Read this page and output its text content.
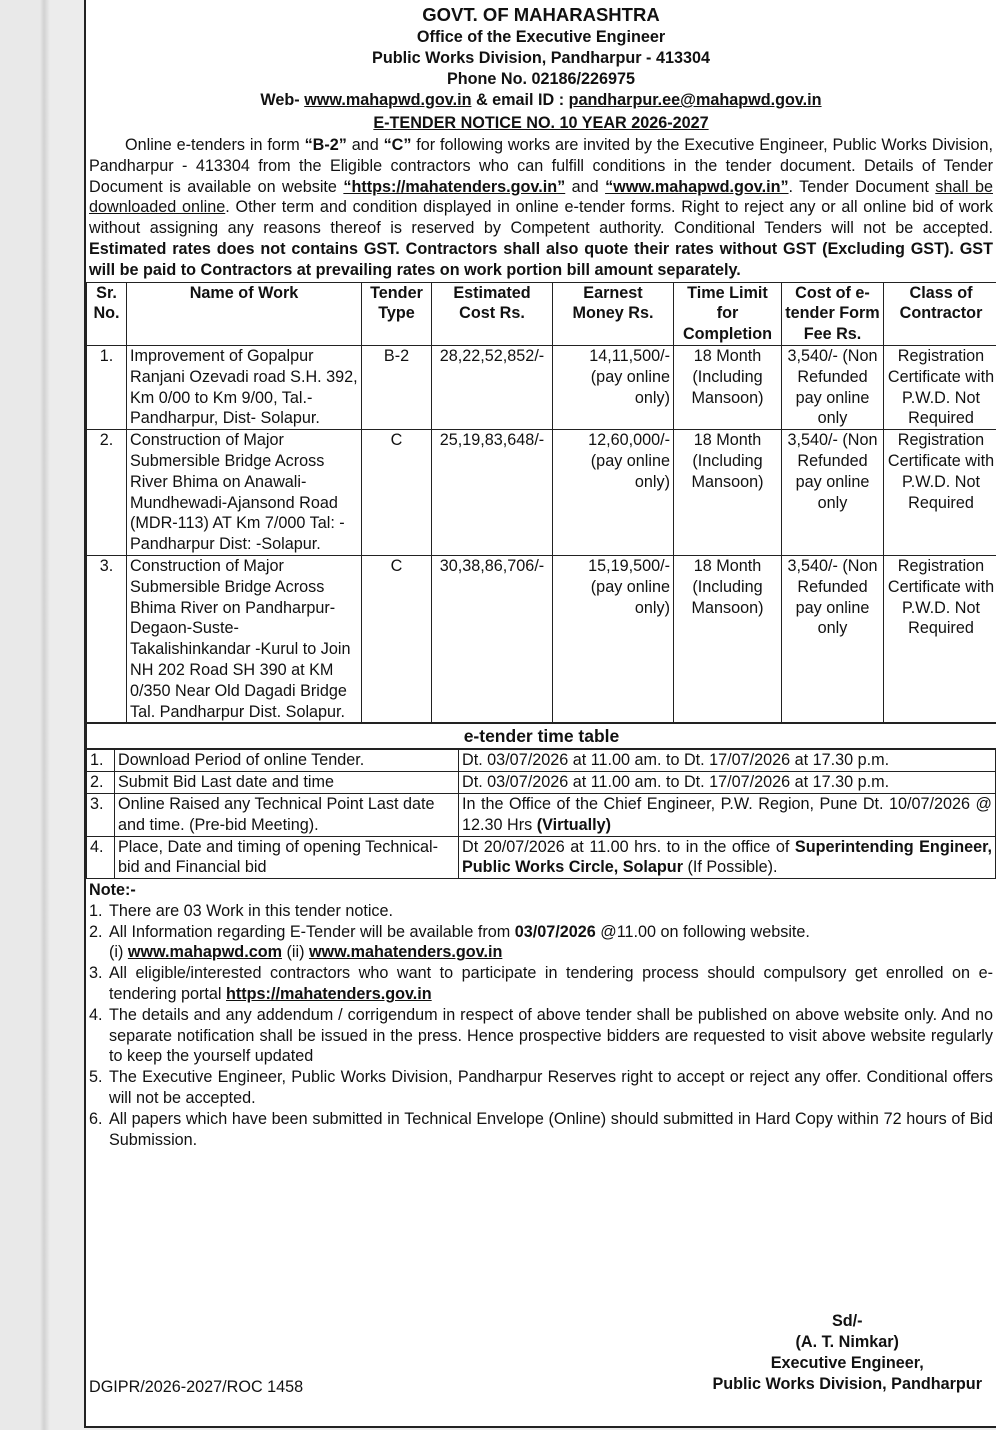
GOVT. OF MAHARASHTRA
Office of the Executive Engineer
Public Works Division, Pandharpur - 413304
Phone No. 02186/226975
Web- www.mahapwd.gov.in & email ID : pandharpur.ee@mahapwd.gov.in
E-TENDER NOTICE NO. 10 YEAR 2026-2027
Online e-tenders in form “B-2” and “C” for following works are invited by the Executive Engineer, Public Works Division, Pandharpur - 413304 from the Eligible contractors who can fulfill conditions in the tender document. Details of Tender Document is available on website “https://mahatenders.gov.in” and “www.mahapwd.gov.in”. Tender Document shall be downloaded online. Other term and condition displayed in online e-tender forms. Right to reject any or all online bid of work without assigning any reasons thereof is reserved by Competent authority. Conditional Tenders will not be accepted. Estimated rates does not contains GST. Contractors shall also quote their rates without GST (Excluding GST). GST will be paid to Contractors at prevailing rates on work portion bill amount separately.
Sr. No.	Name of Work	Tender Type	Estimated Cost Rs.	Earnest Money Rs.	Time Limit for Completion	Cost of e-tender Form Fee Rs.	Class of Contractor
1.	Improvement of Gopalpur Ranjani Ozevadi road S.H. 392, Km 0/00 to Km 9/00, Tal.-Pandharpur, Dist- Solapur.	B-2	28,22,52,852/-	14,11,500/- (pay online only)	18 Month (Including Mansoon)	3,540/- (Non Refunded pay online only	Registration Certificate with P.W.D. Not Required
2.	Construction of Major Submersible Bridge Across River Bhima on Anawali-Mundhewadi-Ajansond Road (MDR-113) AT Km 7/000 Tal: - Pandharpur Dist: -Solapur.	C	25,19,83,648/-	12,60,000/- (pay online only)	18 Month (Including Mansoon)	3,540/- (Non Refunded pay online only	Registration Certificate with P.W.D. Not Required
3.	Construction of Major Submersible Bridge Across Bhima River on Pandharpur-Degaon-Suste-Takalishinkandar -Kurul to Join NH 202 Road SH 390 at KM 0/350 Near Old Dagadi Bridge Tal. Pandharpur Dist. Solapur.	C	30,38,86,706/-	15,19,500/- (pay online only)	18 Month (Including Mansoon)	3,540/- (Non Refunded pay online only	Registration Certificate with P.W.D. Not Required
e-tender time table
1.	Download Period of online Tender.	Dt. 03/07/2026 at 11.00 am. to Dt. 17/07/2026 at 17.30 p.m.
2.	Submit Bid Last date and time	Dt. 03/07/2026 at 11.00 am. to Dt. 17/07/2026 at 17.30 p.m.
3.	Online Raised any Technical Point Last date and time. (Pre-bid Meeting).	In the Office of the Chief Engineer, P.W. Region, Pune Dt. 10/07/2026 @ 12.30 Hrs (Virtually)
4.	Place, Date and timing of opening Technical-bid and Financial bid	Dt 20/07/2026 at 11.00 hrs. to in the office of Superintending Engineer, Public Works Circle, Solapur (If Possible).
Note:-
1. There are 03 Work in this tender notice.
2. All Information regarding E-Tender will be available from 03/07/2026 @11.00 on following website.
(i) www.mahapwd.com (ii) www.mahatenders.gov.in
3. All eligible/interested contractors who want to participate in tendering process should compulsory get enrolled on e-tendering portal https://mahatenders.gov.in
4. The details and any addendum / corrigendum in respect of above tender shall be published on above website only. And no separate notification shall be issued in the press. Hence prospective bidders are requested to visit above website regularly to keep the yourself updated
5. The Executive Engineer, Public Works Division, Pandharpur Reserves right to accept or reject any offer. Conditional offers will not be accepted.
6. All papers which have been submitted in Technical Envelope (Online) should submitted in Hard Copy within 72 hours of Bid Submission.
Sd/-
(A. T. Nimkar)
Executive Engineer,
Public Works Division, Pandharpur
DGIPR/2026-2027/ROC 1458
